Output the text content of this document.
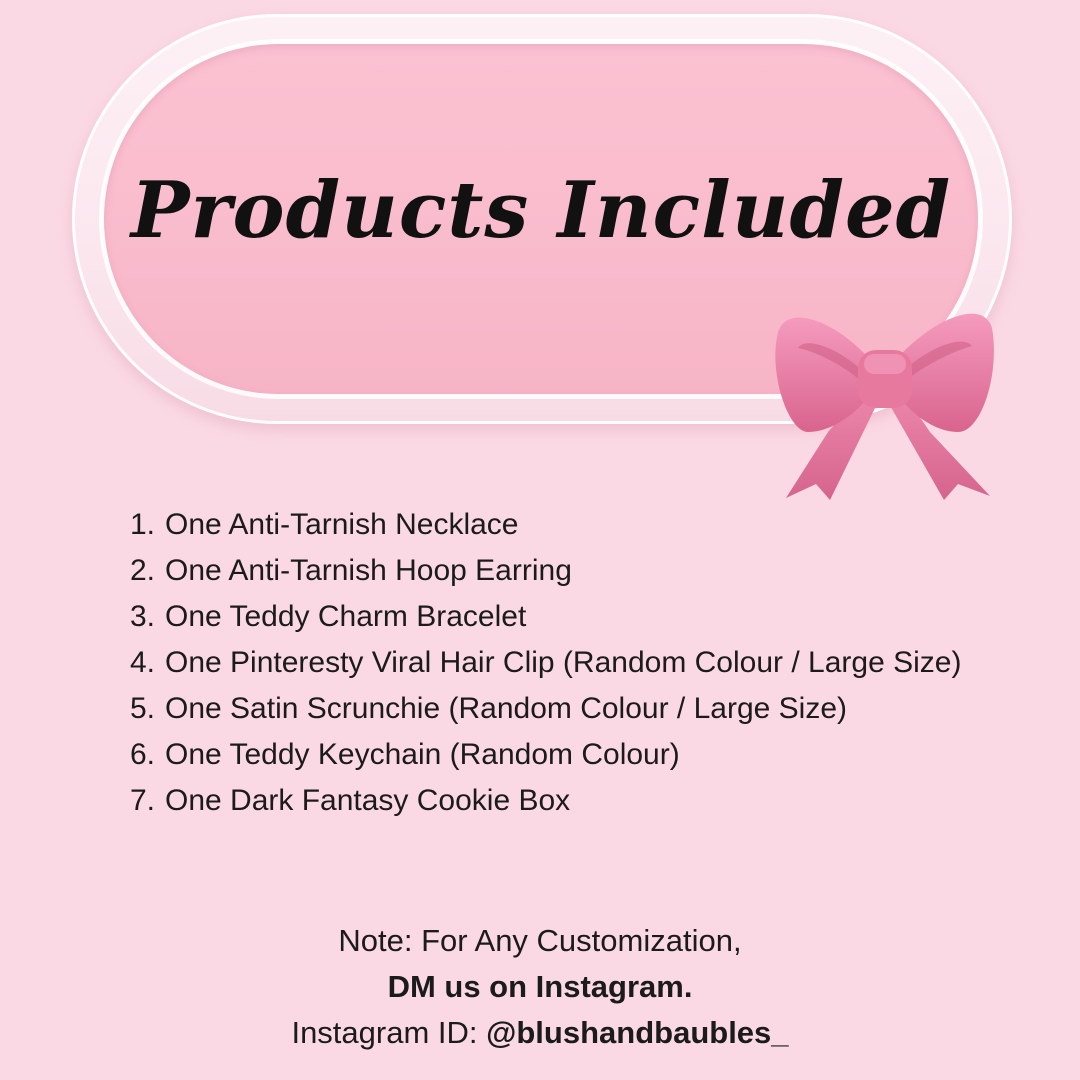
Products Included
1. One Anti-Tarnish Necklace
2. One Anti-Tarnish Hoop Earring
3. One Teddy Charm Bracelet
4. One Pinteresty Viral Hair Clip (Random Colour / Large Size)
5. One Satin Scrunchie (Random Colour / Large Size)
6. One Teddy Keychain (Random Colour)
7. One Dark Fantasy Cookie Box
Note: For Any Customization,
DM us on Instagram.
Instagram ID: @blushandbaubles_
